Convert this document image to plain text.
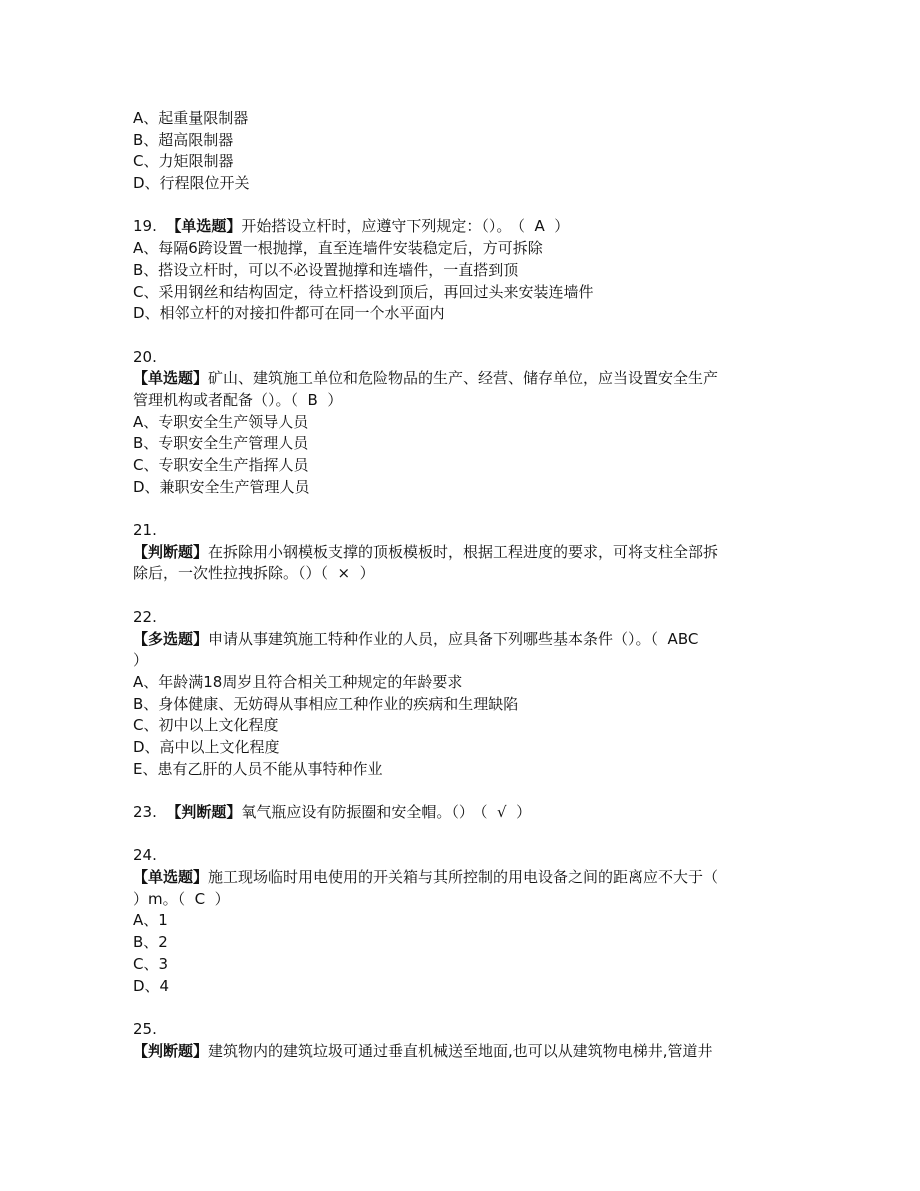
A、起重量限制器
B、超高限制器
C、力矩限制器
D、行程限位开关
19. 【单选题】开始搭设立杆时，应遵守下列规定：（）。 （  A  ）
A、每隔6跨设置一根抛撑，直至连墙件安装稳定后，方可拆除
B、搭设立杆时，可以不必设置抛撑和连墙件，一直搭到顶
C、采用钢丝和结构固定，待立杆搭设到顶后，再回过头来安装连墙件
D、相邻立杆的对接扣件都可在同一个水平面内
20.
【单选题】矿山、建筑施工单位和危险物品的生产、经营、储存单位，应当设置安全生产
管理机构或者配备（）。（  B  ）
A、专职安全生产领导人员
B、专职安全生产管理人员
C、专职安全生产指挥人员
D、兼职安全生产管理人员
21.
【判断题】在拆除用小钢模板支撑的顶板模板时，根据工程进度的要求，可将支柱全部拆
除后，一次性拉拽拆除。（）（  ×  ）
22.
【多选题】申请从事建筑施工特种作业的人员，应具备下列哪些基本条件（）。（  ABC
）
A、年龄满18周岁且符合相关工种规定的年龄要求
B、身体健康、无妨碍从事相应工种作业的疾病和生理缺陷
C、初中以上文化程度
D、高中以上文化程度
E、患有乙肝的人员不能从事特种作业
23. 【判断题】氧气瓶应设有防振圈和安全帽。（） （  √  ）
24.
【单选题】施工现场临时用电使用的开关箱与其所控制的用电设备之间的距离应不大于（
）m。（  C  ）
A、1
B、2
C、3
D、4
25.
【判断题】建筑物内的建筑垃圾可通过垂直机械送至地面,也可以从建筑物电梯井,管道井
